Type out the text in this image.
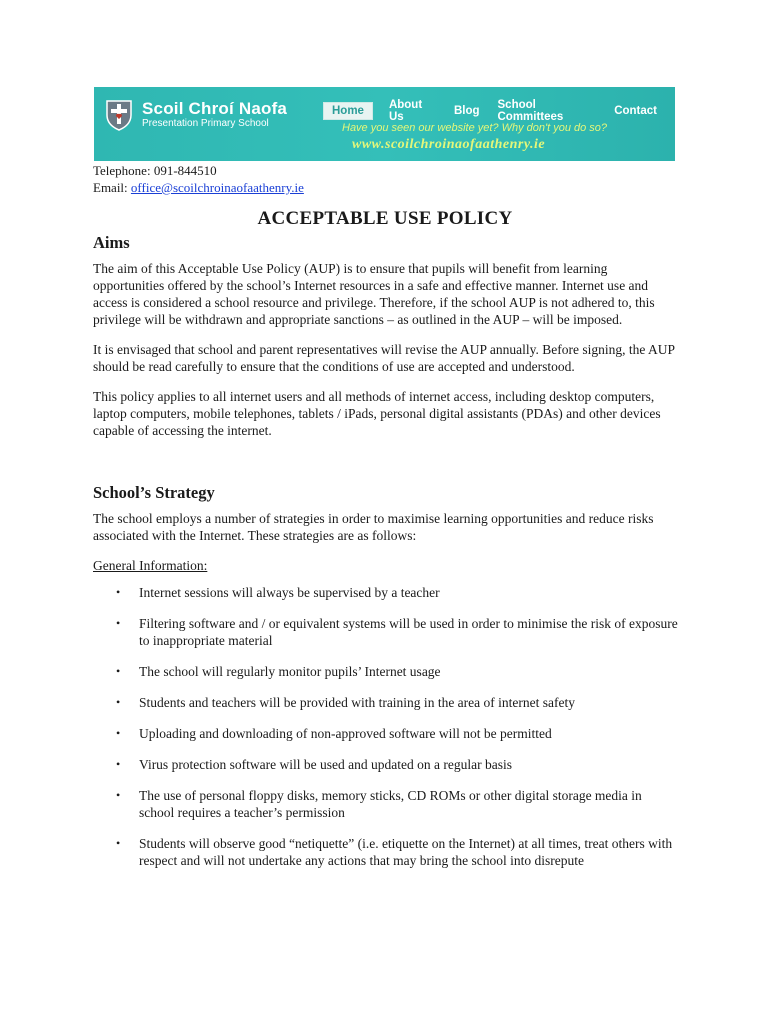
Scoil Chroí Naofa
Presentation Primary School
Home	About Us	Blog School Committees	Contact
Have you seen our website yet? Why don't you do so?
www.scoilchroinaofaathenry.ie
Telephone: 091-844510
Email: office@scoilchroinaofaathenry.ie
ACCEPTABLE USE POLICY
Aims

The aim of this Acceptable Use Policy (AUP) is to ensure that pupils will benefit from learning opportunities offered by the school’s Internet resources in a safe and effective manner. Internet use and access is considered a school resource and privilege. Therefore, if the school AUP is not adhered to, this privilege will be withdrawn and appropriate sanctions – as outlined in the AUP – will be imposed.

It is envisaged that school and parent representatives will revise the AUP annually. Before signing, the AUP should be read carefully to ensure that the conditions of use are accepted and understood.

This policy applies to all internet users and all methods of internet access, including desktop computers, laptop computers, mobile telephones, tablets / iPads, personal digital assistants (PDAs) and other devices capable of accessing the internet.

School’s Strategy

The school employs a number of strategies in order to maximise learning opportunities and reduce risks associated with the Internet. These strategies are as follows:

General Information:
• Internet sessions will always be supervised by a teacher
• Filtering software and / or equivalent systems will be used in order to minimise the risk of exposure to inappropriate material
• The school will regularly monitor pupils’ Internet usage
• Students and teachers will be provided with training in the area of internet safety
• Uploading and downloading of non-approved software will not be permitted
• Virus protection software will be used and updated on a regular basis
• The use of personal floppy disks, memory sticks, CD ROMs or other digital storage media in school requires a teacher’s permission
• Students will observe good “netiquette” (i.e. etiquette on the Internet) at all times, treat others with respect and will not undertake any actions that may bring the school into disrepute
